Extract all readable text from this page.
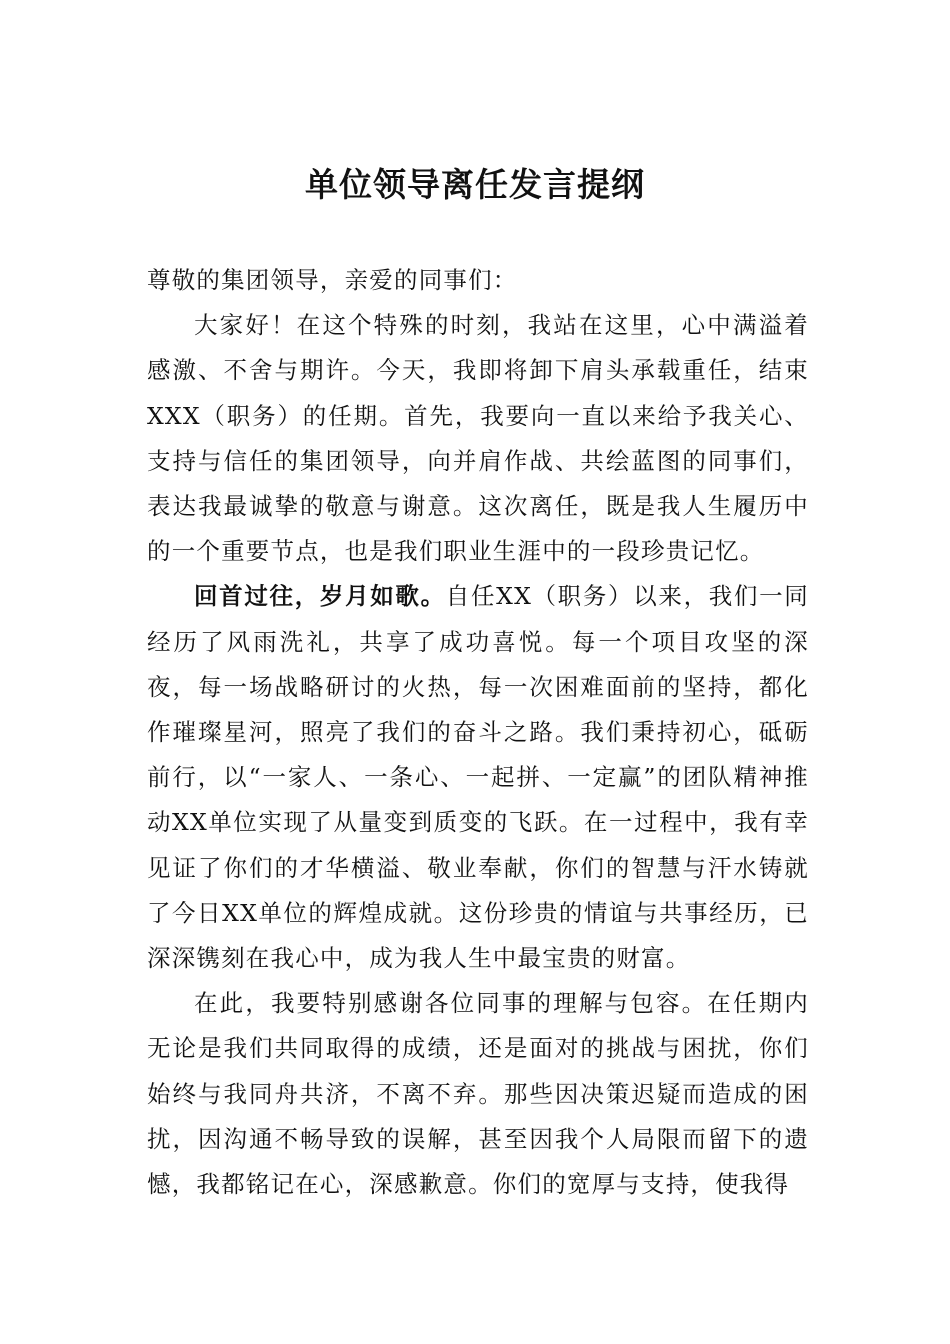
单位领导离任发言提纲

尊敬的集团领导，亲爱的同事们：

大家好！在这个特殊的时刻，我站在这里，心中满溢着感激、不舍与期许。今天，我即将卸下肩头承载重任，结束XXX（职务）的任期。首先，我要向一直以来给予我关心、支持与信任的集团领导，向并肩作战、共绘蓝图的同事们，表达我最诚挚的敬意与谢意。这次离任，既是我人生履历中的一个重要节点，也是我们职业生涯中的一段珍贵记忆。

回首过往，岁月如歌。自任XX（职务）以来，我们一同经历了风雨洗礼，共享了成功喜悦。每一个项目攻坚的深夜，每一场战略研讨的火热，每一次困难面前的坚持，都化作璀璨星河，照亮了我们的奋斗之路。我们秉持初心，砥砺前行，以“一家人、一条心、一起拼、一定赢”的团队精神推动XX单位实现了从量变到质变的飞跃。在一过程中，我有幸见证了你们的才华横溢、敬业奉献，你们的智慧与汗水铸就了今日XX单位的辉煌成就。这份珍贵的情谊与共事经历，已深深镌刻在我心中，成为我人生中最宝贵的财富。

在此，我要特别感谢各位同事的理解与包容。在任期内无论是我们共同取得的成绩，还是面对的挑战与困扰，你们始终与我同舟共济，不离不弃。那些因决策迟疑而造成的困扰，因沟通不畅导致的误解，甚至因我个人局限而留下的遗憾，我都铭记在心，深感歉意。你们的宽厚与支持，使我得
